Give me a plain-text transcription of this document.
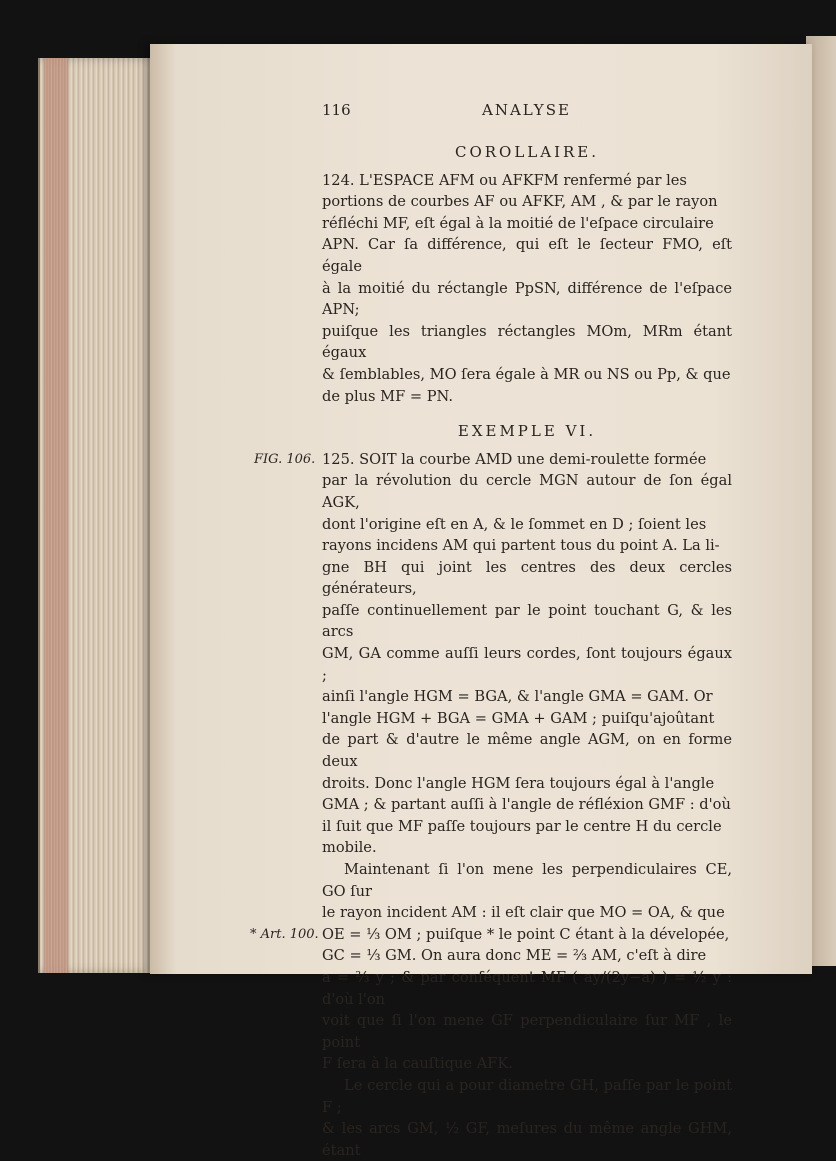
116	ANALYSE
COROLLAIRE.

124. L'ESPACE AFM ou AFKFM renfermé par les

portions de courbes AF ou AFKF, AM , & par le rayon

réfléchi MF, eſt égal à la moitié de l'eſpace circulaire

APN. Car ſa différence, qui eſt le ſecteur FMO, eſt égale

à la moitié du réctangle PpSN, différence de l'eſpace APN;

puiſque les triangles réctangles MOm, MRm étant égaux

& ſemblables, MO ſera égale à MR ou NS ou Pp, & que

de plus MF = PN.

EXEMPLE VI.
FIG. 106. 125. SOIT la courbe AMD une demi-roulette formée

par la révolution du cercle MGN autour de ſon égal AGK,

dont l'origine eſt en A, & le ſommet en D ; ſoient les

rayons incidens AM qui partent tous du point A. La li-

gne BH qui joint les centres des deux cercles générateurs,

paſſe continuellement par le point touchant G, & les arcs

GM, GA comme auſſi leurs cordes, ſont toujours égaux ;

ainſi l'angle HGM = BGA, & l'angle GMA = GAM. Or

l'angle HGM + BGA = GMA + GAM ; puiſqu'ajoûtant

de part & d'autre le même angle AGM, on en forme deux

droits. Donc l'angle HGM ſera toujours égal à l'angle

GMA ; & partant auſſi à l'angle de réfléxion GMF : d'où

il ſuit que MF paſſe toujours par le centre H du cercle

mobile.

Maintenant ſi l'on mene les perpendiculaires CE, GO ſur

le rayon incident AM : il eſt clair que MO = OA, & que

* Art. 100. OE = ⅓ OM ; puiſque * le point C étant à la dévelopée,

GC = ⅓ GM. On aura donc ME = ⅔ AM, c'eſt à dire

a = ⅔ y ; & par conſéquent MF ( ay/(2y−a) ) = ½ y : d'où l'on

voit que ſi l'on mene GF perpendiculaire ſur MF , le point

F ſera à la cauſtique AFK.

Le cercle qui a pour diametre GH, paſſe par le point F ;

& les arcs GM, ½ GF, meſures du même angle GHM, étant
